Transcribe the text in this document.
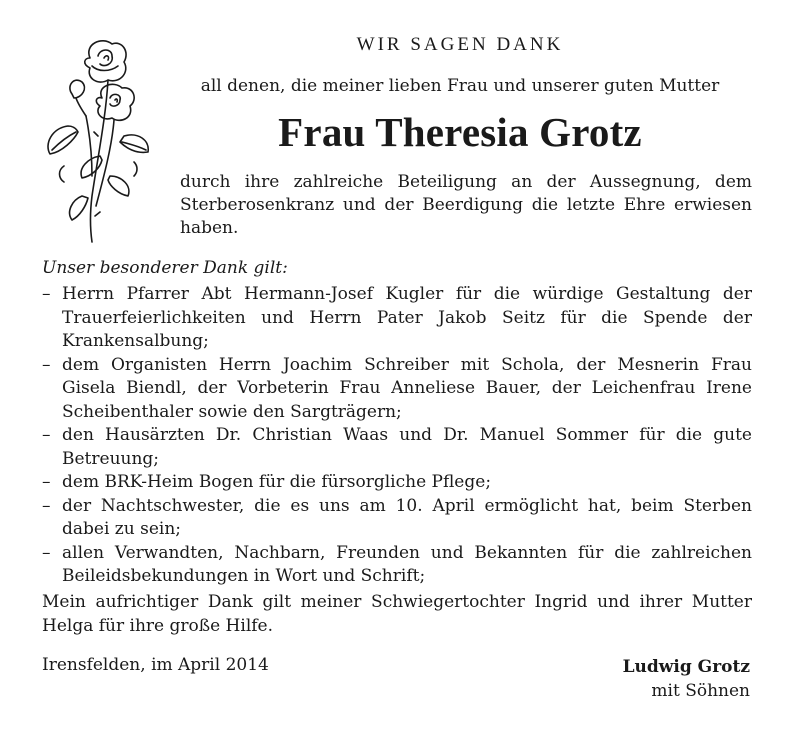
WIR SAGEN DANK
all denen, die meiner lieben Frau und unserer guten Mutter
Frau Theresia Grotz
durch ihre zahlreiche Beteiligung an der Aussegnung, dem Sterberosenkranz und der Beerdigung die letzte Ehre erwiesen haben.
Unser besonderer Dank gilt:
– Herrn Pfarrer Abt Hermann-Josef Kugler für die würdige Gestaltung der Trauerfeierlichkeiten und Herrn Pater Jakob Seitz für die Spende der Krankensalbung;
– dem Organisten Herrn Joachim Schreiber mit Schola, der Mesnerin Frau Gisela Biendl, der Vorbeterin Frau Anneliese Bauer, der Leichenfrau Irene Scheibenthaler sowie den Sargträgern;
– den Hausärzten Dr. Christian Waas und Dr. Manuel Sommer für die gute Betreuung;
– dem BRK-Heim Bogen für die fürsorgliche Pflege;
– der Nachtschwester, die es uns am 10. April ermöglicht hat, beim Sterben dabei zu sein;
– allen Verwandten, Nachbarn, Freunden und Bekannten für die zahlreichen Beileidsbekundungen in Wort und Schrift;
Mein aufrichtiger Dank gilt meiner Schwiegertochter Ingrid und ihrer Mutter Helga für ihre große Hilfe.
Irensfelden, im April 2014	Ludwig Grotz
mit Söhnen
